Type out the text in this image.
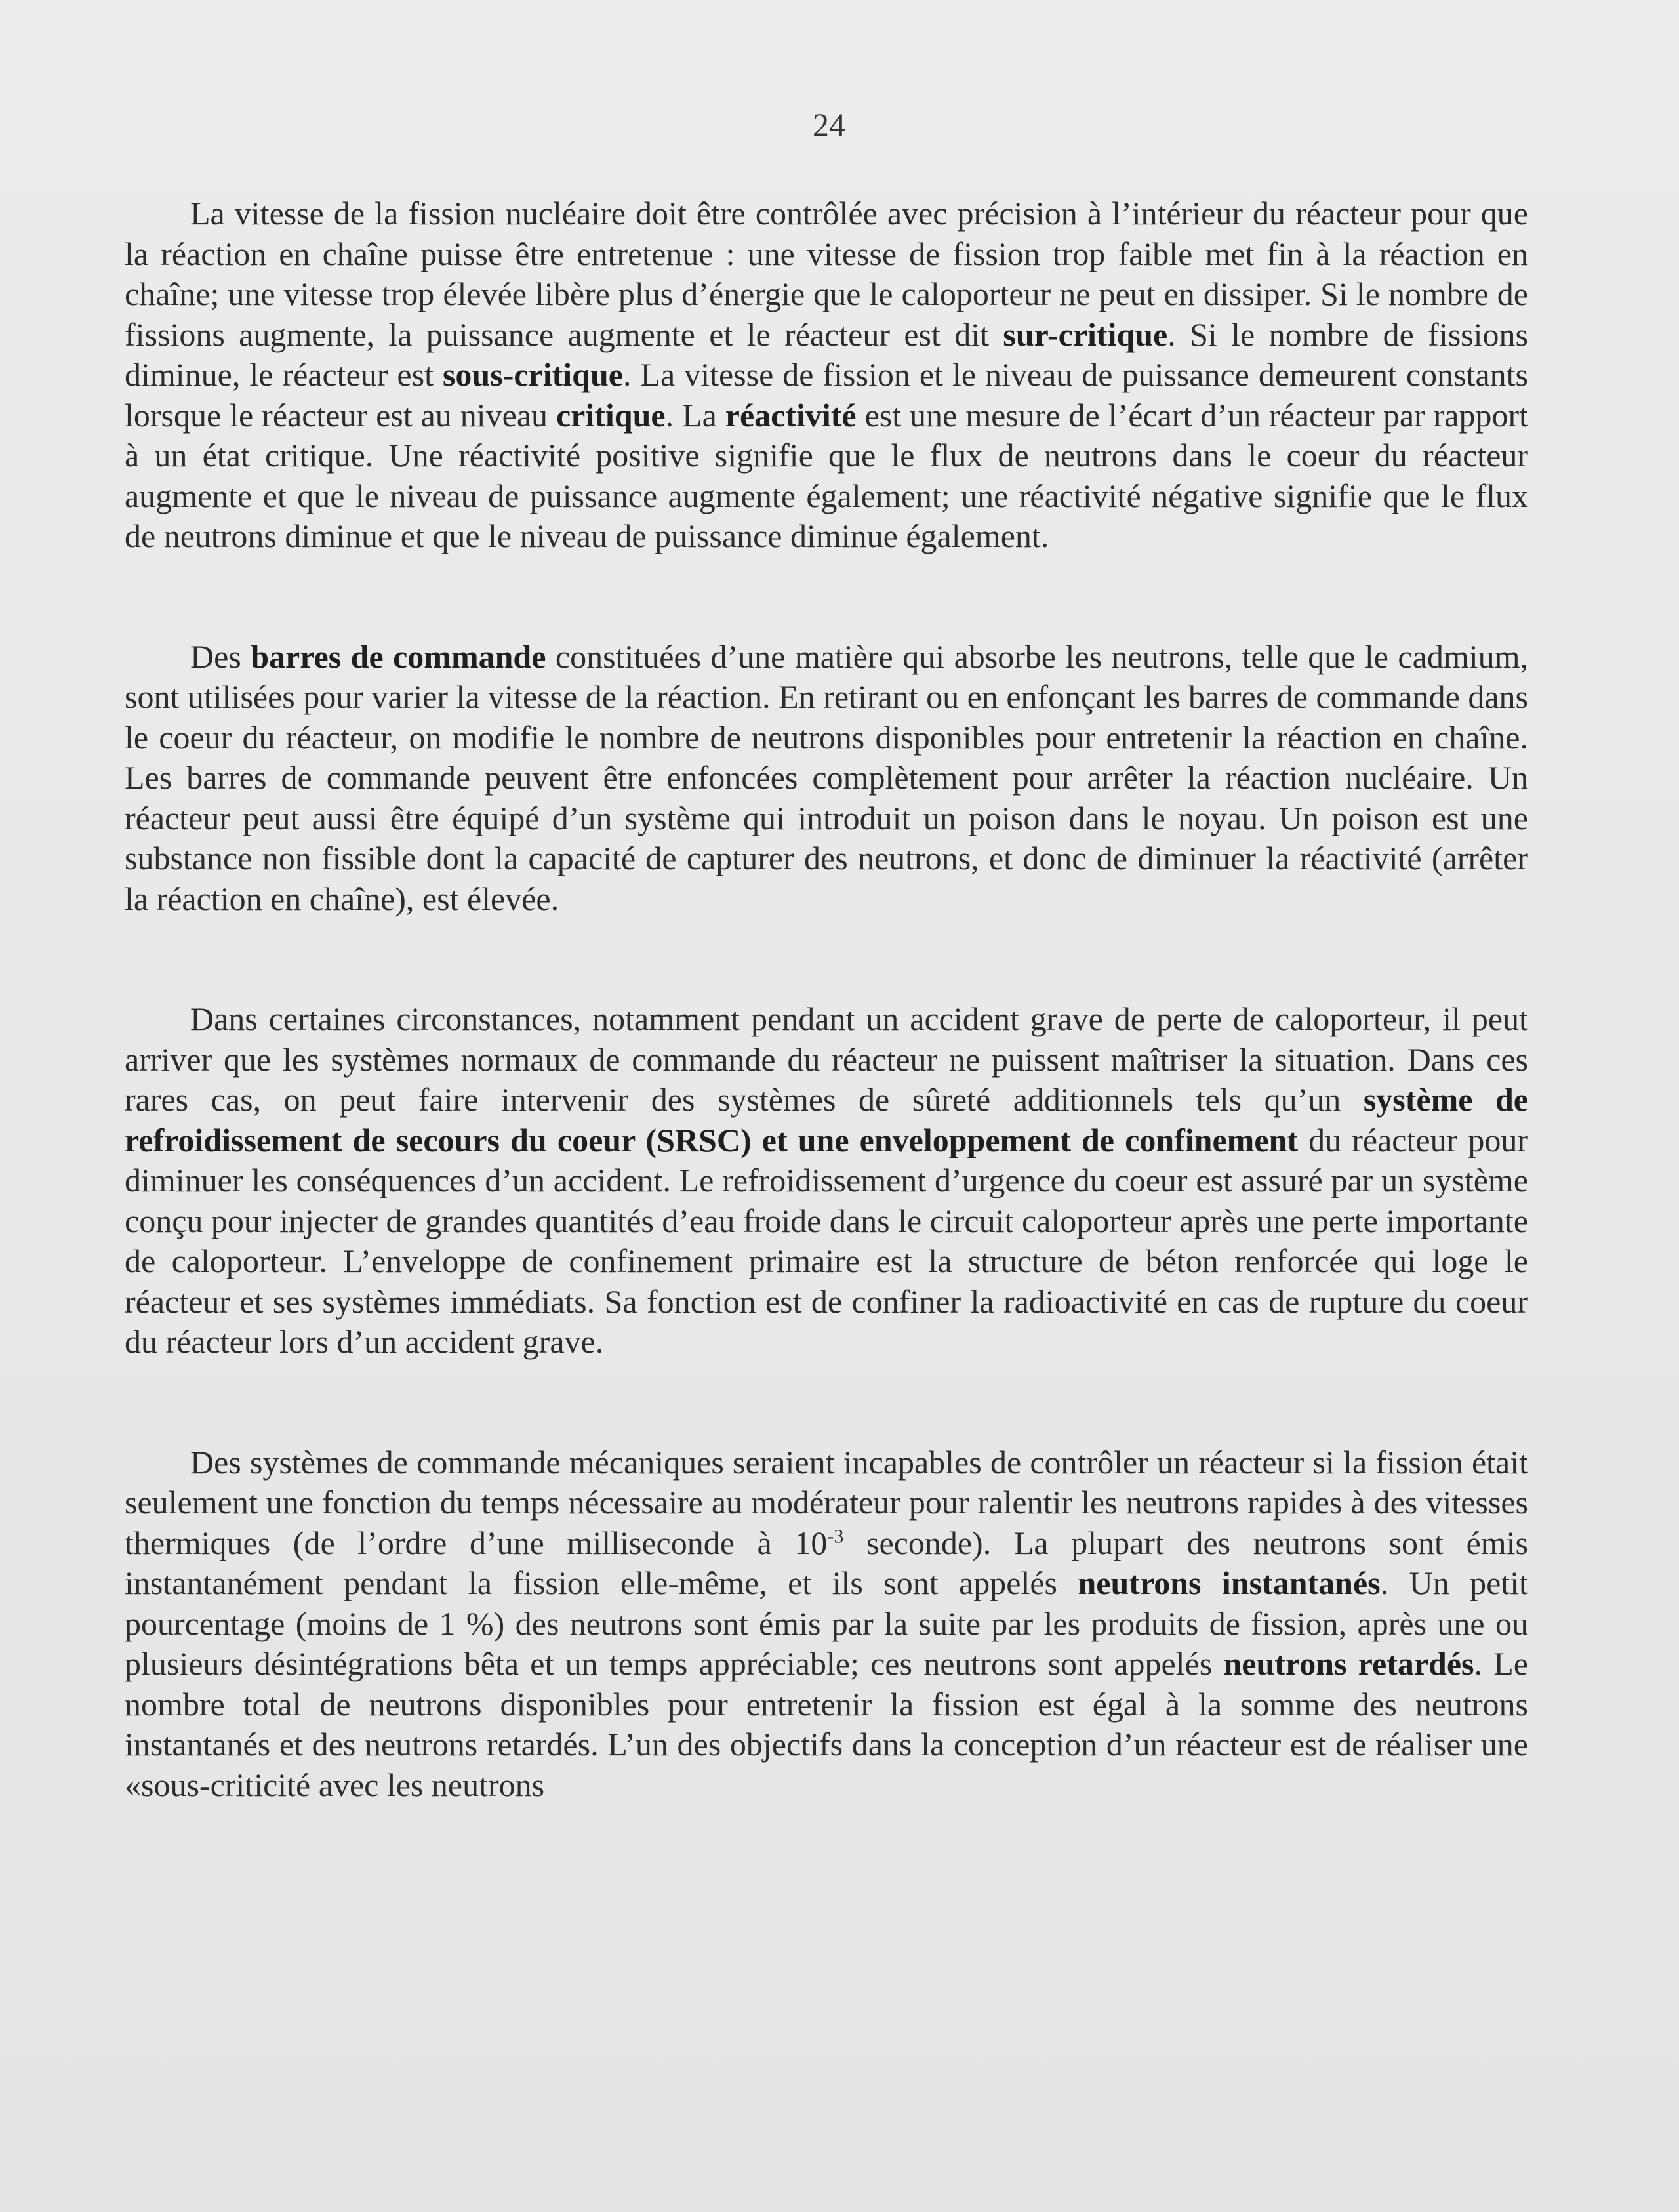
24

La vitesse de la fission nucléaire doit être contrôlée avec précision à l’intérieur du réacteur pour que la réaction en chaîne puisse être entretenue : une vitesse de fission trop faible met fin à la réaction en chaîne; une vitesse trop élevée libère plus d’énergie que le caloporteur ne peut en dissiper. Si le nombre de fissions augmente, la puissance augmente et le réacteur est dit sur-critique. Si le nombre de fissions diminue, le réacteur est sous-critique. La vitesse de fission et le niveau de puissance demeurent constants lorsque le réacteur est au niveau critique. La réactivité est une mesure de l’écart d’un réacteur par rapport à un état critique. Une réactivité positive signifie que le flux de neutrons dans le coeur du réacteur augmente et que le niveau de puissance augmente également; une réactivité négative signifie que le flux de neutrons diminue et que le niveau de puissance diminue également.

Des barres de commande constituées d’une matière qui absorbe les neutrons, telle que le cadmium, sont utilisées pour varier la vitesse de la réaction. En retirant ou en enfonçant les barres de commande dans le coeur du réacteur, on modifie le nombre de neutrons disponibles pour entretenir la réaction en chaîne. Les barres de commande peuvent être enfoncées complètement pour arrêter la réaction nucléaire. Un réacteur peut aussi être équipé d’un système qui introduit un poison dans le noyau. Un poison est une substance non fissible dont la capacité de capturer des neutrons, et donc de diminuer la réactivité (arrêter la réaction en chaîne), est élevée.

Dans certaines circonstances, notamment pendant un accident grave de perte de caloporteur, il peut arriver que les systèmes normaux de commande du réacteur ne puissent maîtriser la situation. Dans ces rares cas, on peut faire intervenir des systèmes de sûreté additionnels tels qu’un système de refroidissement de secours du coeur (SRSC) et une enveloppement de confinement du réacteur pour diminuer les conséquences d’un accident. Le refroidissement d’urgence du coeur est assuré par un système conçu pour injecter de grandes quantités d’eau froide dans le circuit caloporteur après une perte importante de caloporteur. L’enveloppe de confinement primaire est la structure de béton renforcée qui loge le réacteur et ses systèmes immédiats. Sa fonction est de confiner la radioactivité en cas de rupture du coeur du réacteur lors d’un accident grave.

Des systèmes de commande mécaniques seraient incapables de contrôler un réacteur si la fission était seulement une fonction du temps nécessaire au modérateur pour ralentir les neutrons rapides à des vitesses thermiques (de l’ordre d’une milliseconde à $10^{-3}$ seconde). La plupart des neutrons sont émis instantanément pendant la fission elle-même, et ils sont appelés neutrons instantanés. Un petit pourcentage (moins de 1 %) des neutrons sont émis par la suite par les produits de fission, après une ou plusieurs désintégrations bêta et un temps appréciable; ces neutrons sont appelés neutrons retardés. Le nombre total de neutrons disponibles pour entretenir la fission est égal à la somme des neutrons instantanés et des neutrons retardés. L’un des objectifs dans la conception d’un réacteur est de réaliser une «sous-criticité avec les neutrons
